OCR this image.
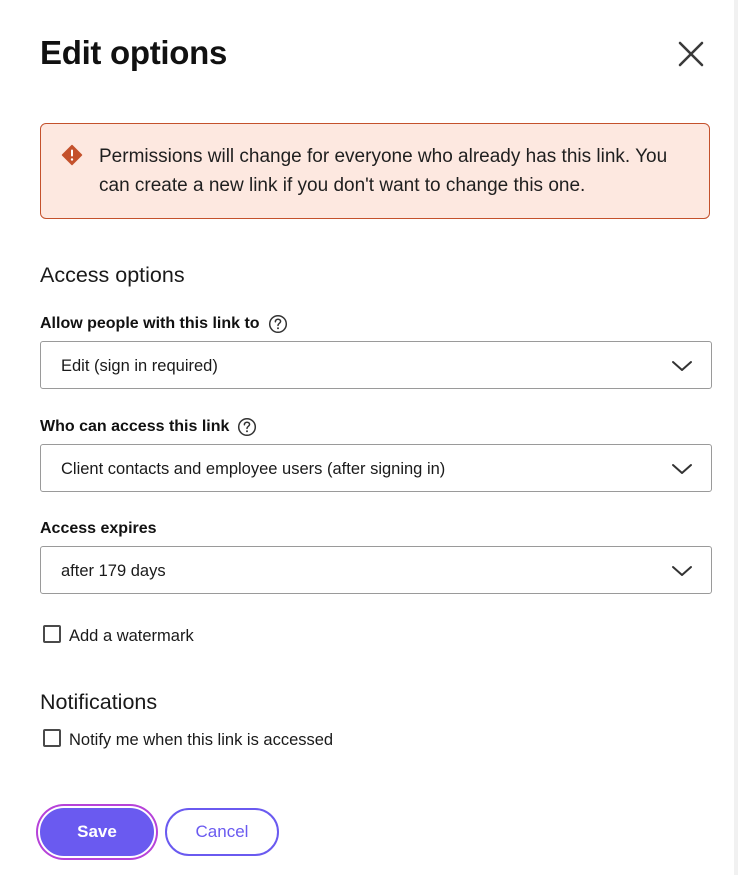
Edit options
Permissions will change for everyone who already has this link. You can create a new link if you don't want to change this one.
Access options
Allow people with this link to
Edit (sign in required)
Who can access this link
Client contacts and employee users (after signing in)
Access expires
after 179 days
Add a watermark
Notifications
Notify me when this link is accessed
Save	Cancel
